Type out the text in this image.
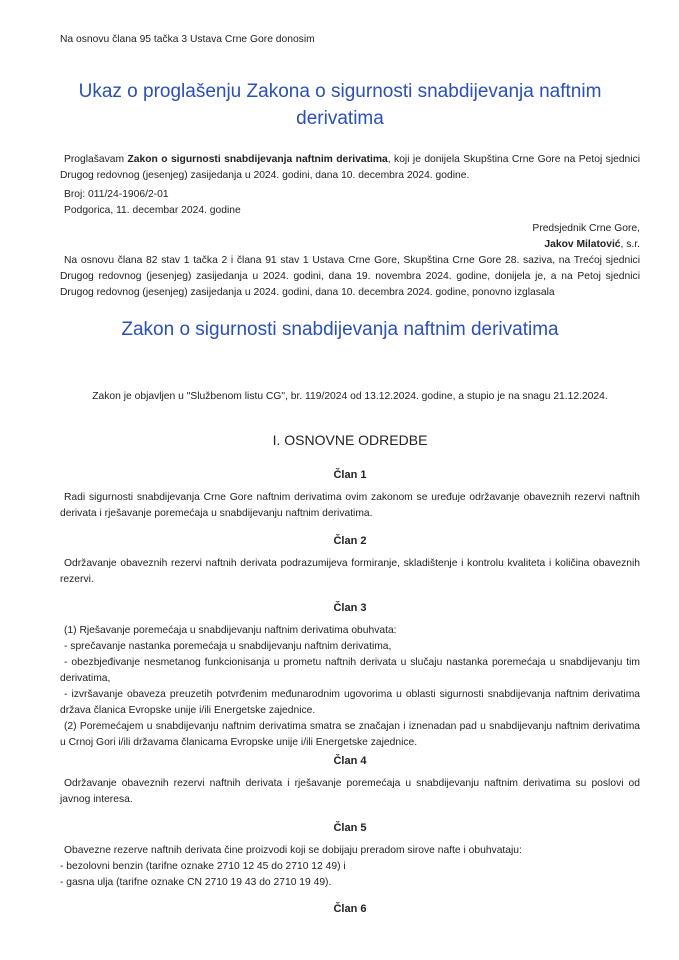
Na osnovu člana 95 tačka 3 Ustava Crne Gore donosim
Ukaz o proglašenju Zakona o sigurnosti snabdijevanja naftnim derivatima

Proglašavam Zakon o sigurnosti snabdijevanja naftnim derivatima, koji je donijela Skupština Crne Gore na Petoj sjednici Drugog redovnog (jesenjeg) zasijedanja u 2024. godini, dana 10. decembra 2024. godine.

Broj: 011/24-1906/2-01
Podgorica, 11. decembar 2024. godine
Predsjednik Crne Gore,
Jakov Milatović, s.r.
Na osnovu člana 82 stav 1 tačka 2 i člana 91 stav 1 Ustava Crne Gore, Skupština Crne Gore 28. saziva, na Trećoj sjednici Drugog redovnog (jesenjeg) zasijedanja u 2024. godini, dana 19. novembra 2024. godine, donijela je, a na Petoj sjednici Drugog redovnog (jesenjeg) zasijedanja u 2024. godini, dana 10. decembra 2024. godine, ponovno izglasala
Zakon o sigurnosti snabdijevanja naftnim derivatima
Zakon je objavljen u "Službenom listu CG", br. 119/2024 od 13.12.2024. godine, a stupio je na snagu 21.12.2024.
I. OSNOVNE ODREDBE
Član 1
Radi sigurnosti snabdijevanja Crne Gore naftnim derivatima ovim zakonom se uređuje održavanje obaveznih rezervi naftnih derivata i rješavanje poremećaja u snabdijevanju naftnim derivatima.
Član 2
Održavanje obaveznih rezervi naftnih derivata podrazumijeva formiranje, skladištenje i kontrolu kvaliteta i količina obaveznih rezervi.
Član 3

(1) Rješavanje poremećaja u snabdijevanju naftnim derivatima obuhvata:

- sprečavanje nastanka poremećaja u snabdijevanju naftnim derivatima,

- obezbjeđivanje nesmetanog funkcionisanja u prometu naftnih derivata u slučaju nastanka poremećaja u snabdijevanju tim derivatima,

- izvršavanje obaveza preuzetih potvrđenim međunarodnim ugovorima u oblasti sigurnosti snabdijevanja naftnim derivatima država članica Evropske unije i/ili Energetske zajednice.

(2) Poremećajem u snabdijevanju naftnim derivatima smatra se značajan i iznenadan pad u snabdijevanju naftnim derivatima u Crnoj Gori i/ili državama članicama Evropske unije i/ili Energetske zajednice.

Član 4
Održavanje obaveznih rezervi naftnih derivata i rješavanje poremećaja u snabdijevanju naftnim derivatima su poslovi od javnog interesa.
Član 5

Obavezne rezerve naftnih derivata čine proizvodi koji se dobijaju preradom sirove nafte i obuhvataju:

- bezolovni benzin (tarifne oznake 2710 12 45 do 2710 12 49) i

- gasna ulja (tarifne oznake CN 2710 19 43 do 2710 19 49).

Član 6
